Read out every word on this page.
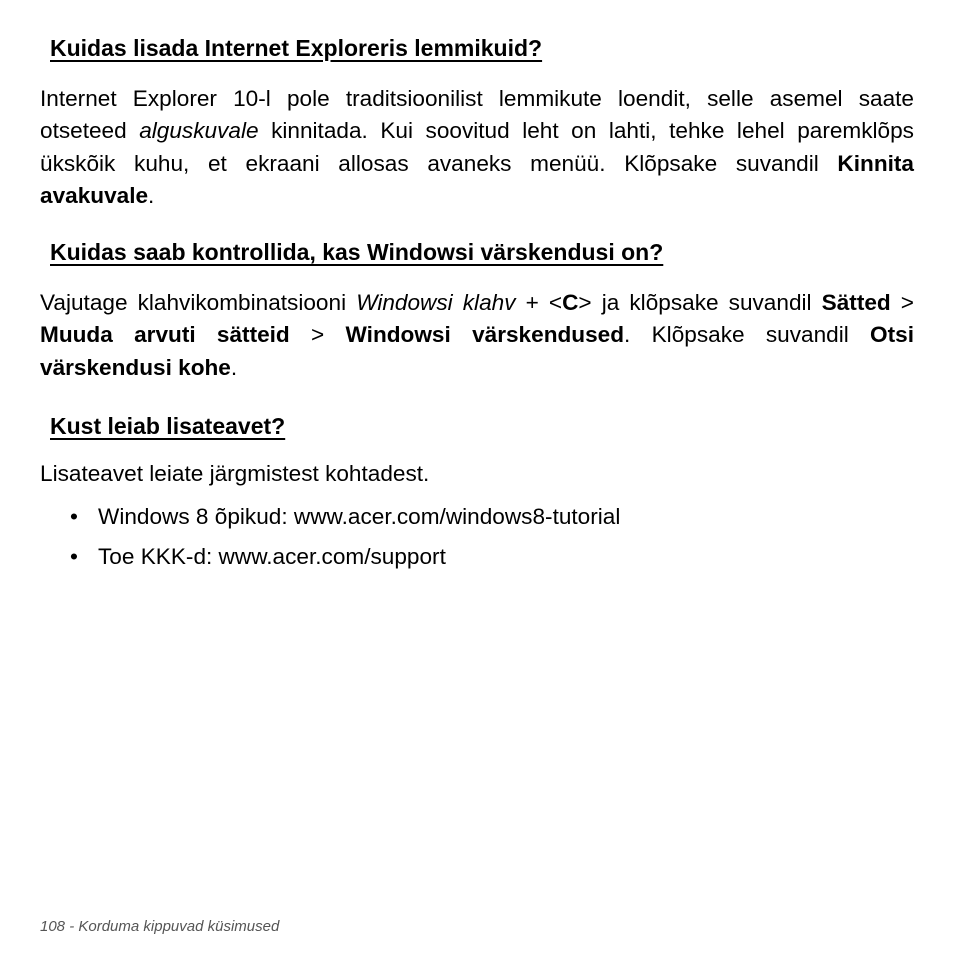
Kuidas lisada Internet Exploreris lemmikuid?

Internet Explorer 10-l pole traditsioonilist lemmikute loendit, selle asemel saate otseteed alguskuvale kinnitada. Kui soovitud leht on lahti, tehke lehel paremklõps ükskõik kuhu, et ekraani allosas avaneks menüü. Klõpsake suvandil Kinnita avakuvale.

Kuidas saab kontrollida, kas Windowsi värskendusi on?

Vajutage klahvikombinatsiooni Windowsi klahv + <C> ja klõpsake suvandil Sätted > Muuda arvuti sätteid > Windowsi värskendused. Klõpsake suvandil Otsi värskendusi kohe.

Kust leiab lisateavet?

Lisateavet leiate järgmistest kohtadest.

• Windows 8 õpikud: www.acer.com/windows8-tutorial
• Toe KKK-d: www.acer.com/support

108 - Korduma kippuvad küsimused
